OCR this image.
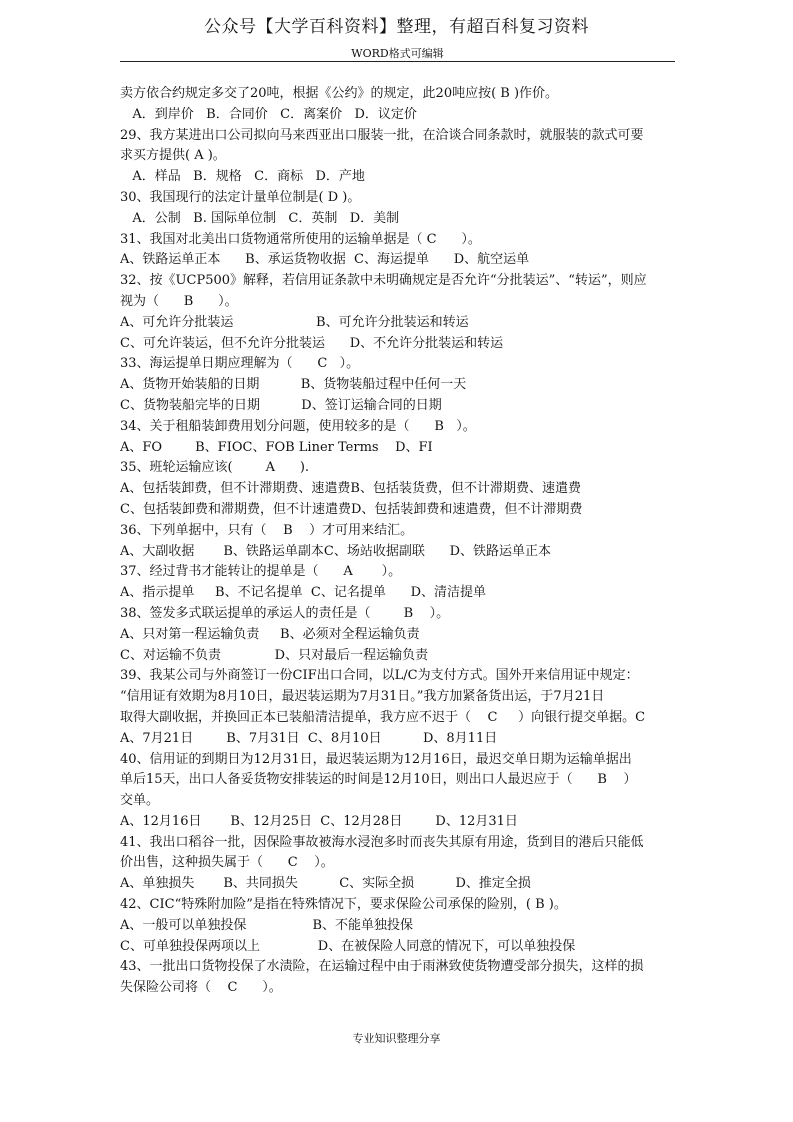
公众号【大学百科资料】整理，有超百科复习资料
WORD格式可编辑
卖方依合约规定多交了20吨，根据《公约》的规定，此20吨应按( B )作价。
A．到岸价   B．合同价   C．离案价   D．议定价
29、我方某进出口公司拟向马来西亚出口服装一批，在洽谈合同条款时，就服装的款式可要
求买方提供( A )。
A．样品   B．规格   C．商标   D．产地
30、我国现行的法定计量单位制是( D )。
A．公制   B. 国际单位制   C．英制   D．美制
31、我国对北美出口货物通常所使用的运输单据是（ C      ）。
A、铁路运单正本      B、承运货物收据  C、海运提单      D、航空运单
32、按《UCP500》解释，若信用证条款中未明确规定是否允许“分批装运”、“转运”，则应
视为（      B      ）。
A、可允许分批装运                    B、可允许分批装运和转运
C、可允许装运，但不允许分批装运      D、不允许分批装运和转运
33、海运提单日期应理解为（      C   ）。
A、货物开始装船的日期          B、货物装船过程中任何一天
C、货物装船完毕的日期          D、签订运输合同的日期
34、关于租船装卸费用划分问题，使用较多的是（      B   ）。
A、FO        B、FIOC、FOB Liner Terms    D、FI
35、班轮运输应该(        A      ).
A、包括装卸费，但不计滞期费、速遣费B、包括装货费，但不计滞期费、速遣费
C、包括装卸费和滞期费，但不计速遣费D、包括装卸费和速遣费，但不计滞期费
36、下列单据中，只有（    B    ）才可用来结汇。
A、大副收据       B、铁路运单副本C、场站收据副联      D、铁路运单正本
37、经过背书才能转让的提单是（      A       ）。
A、指示提单     B、不记名提单  C、记名提单      D、清洁提单
38、签发多式联运提单的承运人的责任是（        B    ）。
A、只对第一程运输负责     B、必须对全程运输负责
C、对运输不负责             D、只对最后一程运输负责
39、我某公司与外商签订一份CIF出口合同，以L/C为支付方式。国外开来信用证中规定：
“信用证有效期为8月10日，最迟装运期为7月31日。”我方加紧备货出运，于7月21日
取得大副收据，并换回正本已装船清洁提单，我方应不迟于（    C     ）向银行提交单据。C
A、7月21日        B、7月31日  C、8月10日          D、8月11日
40、信用证的到期日为12月31日，最迟装运期为12月16日，最迟交单日期为运输单据出
单后15天，出口人备妥货物安排装运的时间是12月10日，则出口人最迟应于（      B    ）
交单。
A、12月16日       B、12月25日  C、12月28日        D、12月31日
41、我出口稻谷一批，因保险事故被海水浸泡多时而丧失其原有用途，货到目的港后只能低
价出售，这种损失属于（      C    ）。
A、单独损失       B、共同损失          C、实际全损          D、推定全损
42、CIC“特殊附加险”是指在特殊情况下，要求保险公司承保的险别，( B )。
A、一般可以单独投保                B、不能单独投保
C、可单独投保两项以上              D、在被保险人同意的情况下，可以单独投保
43、一批出口货物投保了水渍险，在运输过程中由于雨淋致使货物遭受部分损失，这样的损
失保险公司将（    C      ）。
专业知识整理分享
